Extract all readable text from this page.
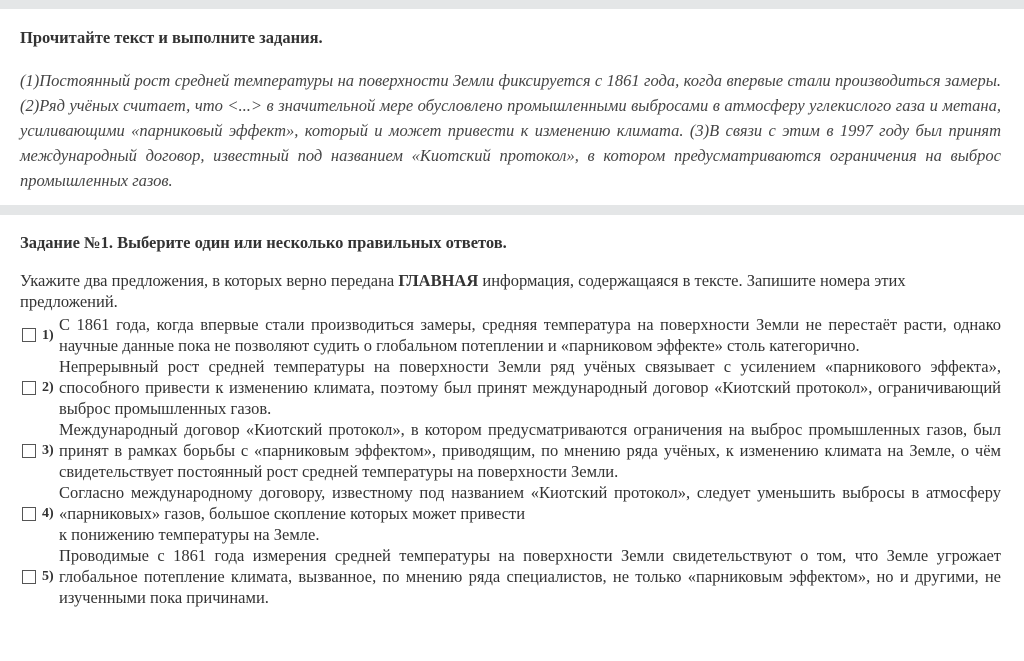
Прочитайте текст и выполните задания.

(1)Постоянный рост средней температуры на поверхности Земли фиксируется с 1861 года, когда впервые стали производиться замеры. (2)Ряд учёных считает, что <...> в значительной мере обусловлено промышленными выбросами в атмосферу углекислого газа и метана, усиливающими «парниковый эффект», который и может привести к изменению климата. (3)В связи с этим в 1997 году был принят международный договор, известный под названием «Киотский протокол», в котором предусматриваются ограничения на выброс промышленных газов.

Задание №1. Выберите один или несколько правильных ответов.

Укажите два предложения, в которых верно передана ГЛАВНАЯ информация, содержащаяся в тексте. Запишите номера этих предложений.

1)
С 1861 года, когда впервые стали производиться замеры, средняя температура на поверхности Земли не перестаёт расти, однако научные данные пока не позволяют судить о глобальном потеплении и «парниковом эффекте» столь категорично.
2)
Непрерывный рост средней температуры на поверхности Земли ряд учёных связывает с усилением «парникового эффекта», способного привести к изменению климата, поэтому был принят международный договор «Киотский протокол», ограничивающий выброс промышленных газов.
3)
Международный договор «Киотский протокол», в котором предусматриваются ограничения на выброс промышленных газов, был принят в рамках борьбы с «парниковым эффектом», приводящим, по мнению ряда учёных, к изменению климата на Земле, о чём свидетельствует постоянный рост средней температуры на поверхности Земли.
4)
Согласно международному договору, известному под названием «Киотский протокол», следует уменьшить выбросы в атмосферу «парниковых» газов, большое скопление которых может привести
к понижению температуры на Земле.
5)
Проводимые с 1861 года измерения средней температуры на поверхности Земли свидетельствуют о том, что Земле угрожает глобальное потепление климата, вызванное, по мнению ряда специалистов, не только «парниковым эффектом», но и другими, не изученными пока причинами.
